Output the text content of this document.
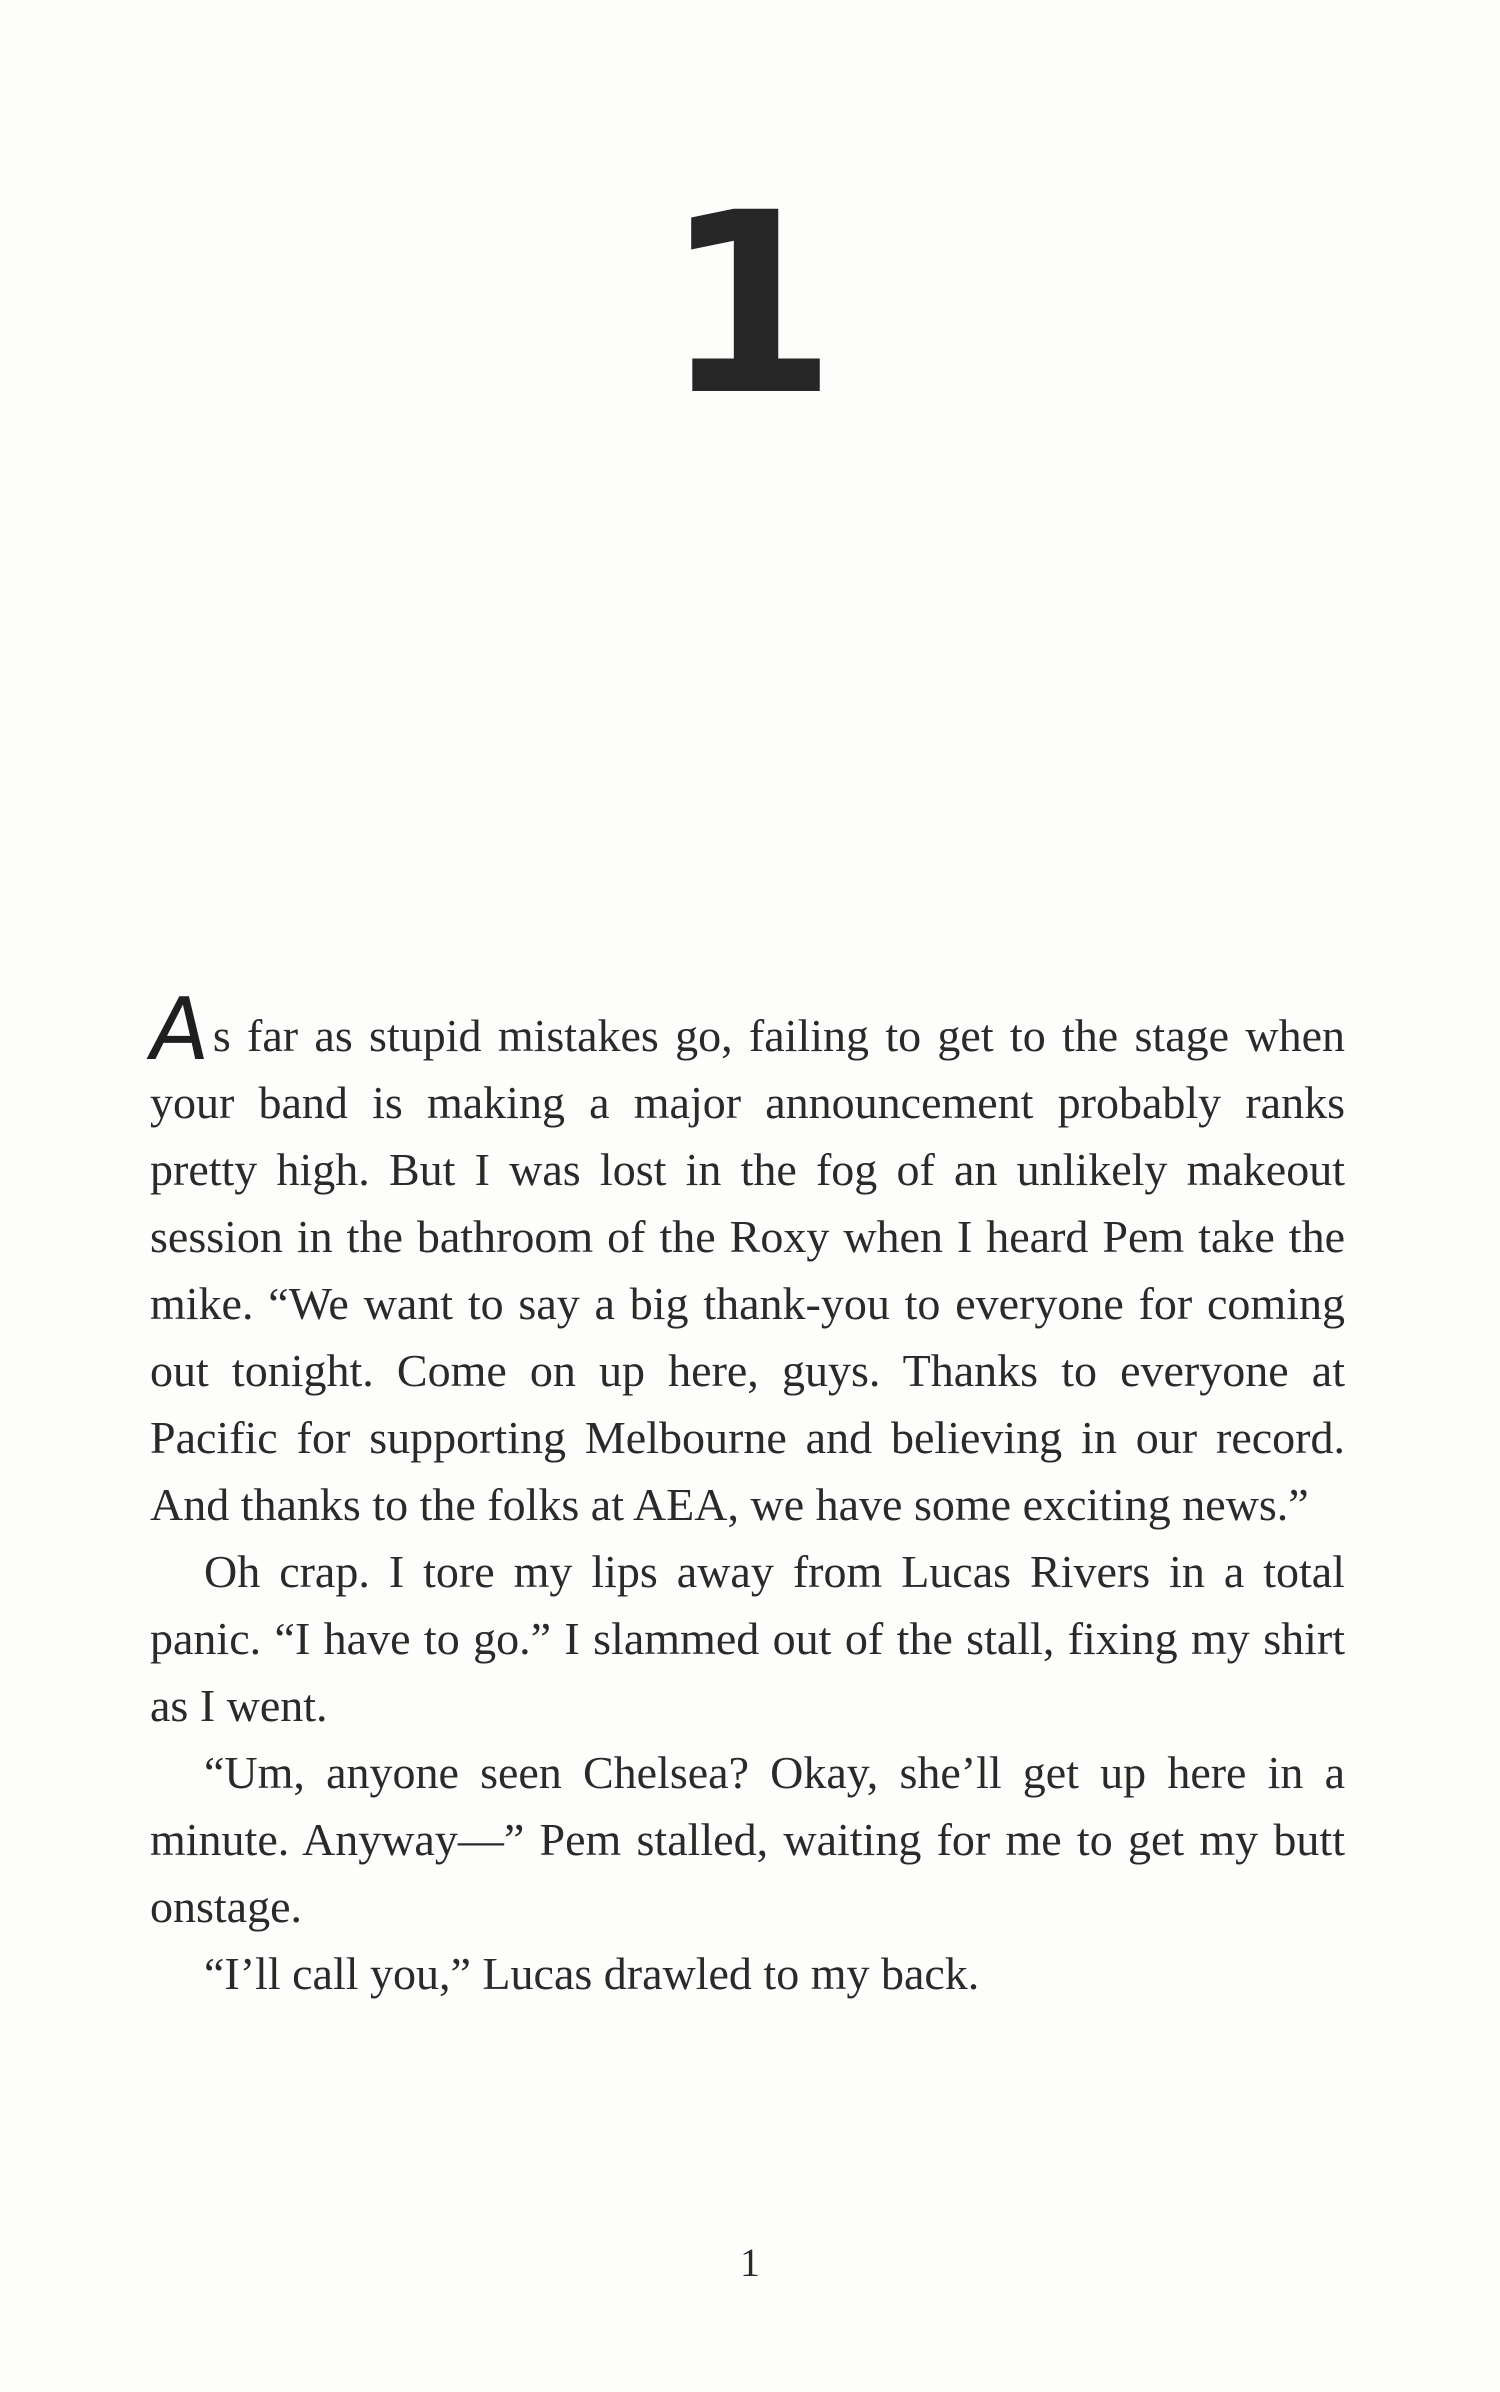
1

As far as stupid mistakes go, failing to get to the stage when your band is making a major announcement probably ranks pretty high. But I was lost in the fog of an unlikely makeout session in the bathroom of the Roxy when I heard Pem take the mike. “We want to say a big thank-you to everyone for coming out tonight. Come on up here, guys. Thanks to everyone at Pacific for supporting Melbourne and believing in our record. And thanks to the folks at AEA, we have some exciting news.”

Oh crap. I tore my lips away from Lucas Rivers in a total panic. “I have to go.” I slammed out of the stall, fixing my shirt as I went.

“Um, anyone seen Chelsea? Okay, she’ll get up here in a minute. Anyway—” Pem stalled, waiting for me to get my butt onstage.

“I’ll call you,” Lucas drawled to my back.

1
